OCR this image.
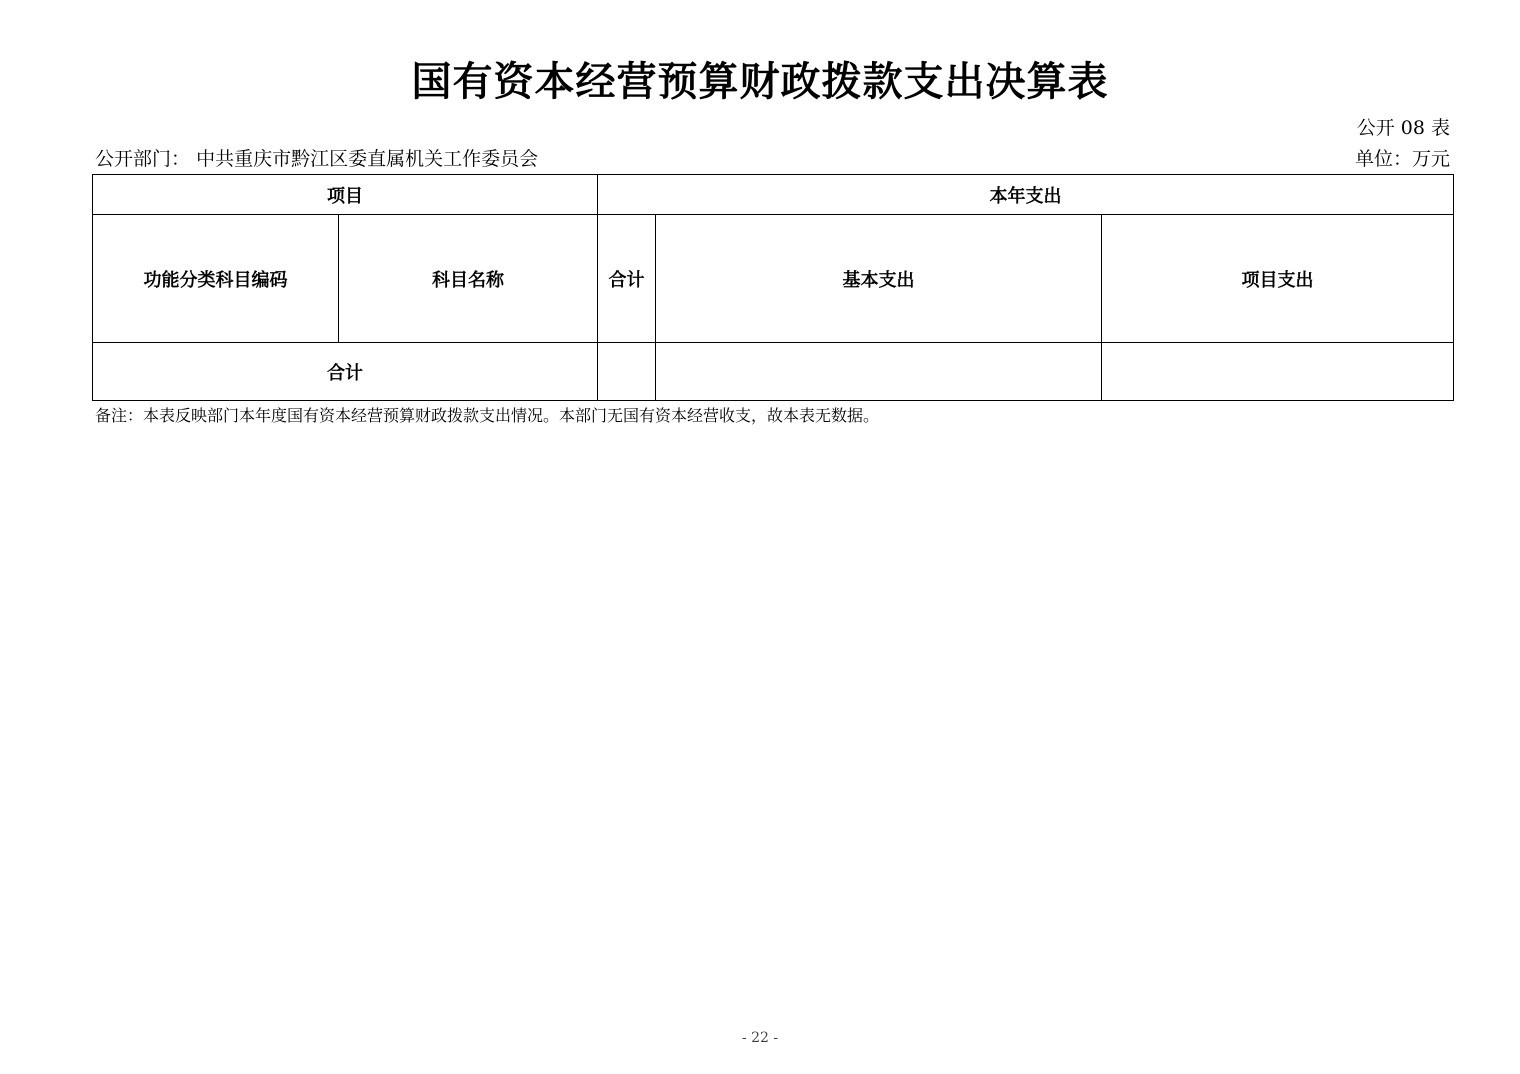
国有资本经营预算财政拨款支出决算表
公开 08 表
公开部门： 中共重庆市黔江区委直属机关工作委员会	单位：万元
项目		本年支出		
功能分类科目编码	科目名称	合计	基本支出	项目支出
合计				
备注：本表反映部门本年度国有资本经营预算财政拨款支出情况。本部门无国有资本经营收支，故本表无数据。
- 22 -
